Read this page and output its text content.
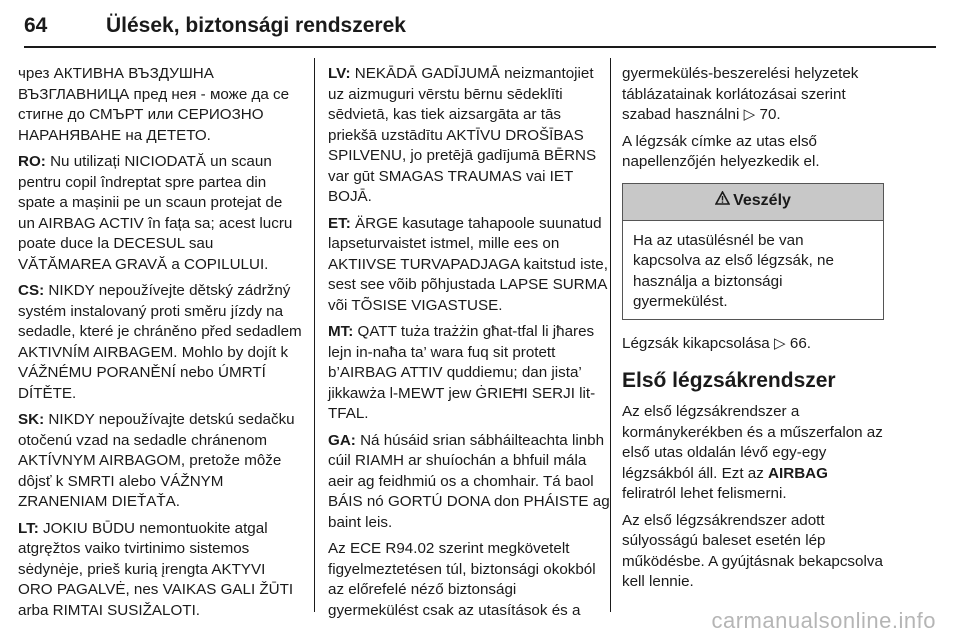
64	Ülések, biztonsági rendszerek

чрез АКТИВНА ВЪЗДУШНА ВЪЗГЛАВНИЦА пред нея - може да се стигне до СМЪРТ или СЕРИОЗНО НАРАНЯВАНЕ на ДЕТЕТО.

RO: Nu utilizați NICIODATĂ un scaun pentru copil îndreptat spre partea din spate a mașinii pe un scaun protejat de un AIRBAG ACTIV în fața sa; acest lucru poate duce la DECESUL sau VĂTĂMAREA GRAVĂ a COPILULUI.

CS: NIKDY nepoužívejte dětský zádržný systém instalovaný proti směru jízdy na sedadle, které je chráněno před sedadlem AKTIVNÍM AIRBAGEM. Mohlo by dojít k VÁŽNÉMU PORANĚNÍ nebo ÚMRTÍ DÍTĚTE.

SK: NIKDY nepoužívajte detskú sedačku otočenú vzad na sedadle chránenom AKTÍVNYM AIRBAGOM, pretože môže dôjsť k SMRTI alebo VÁŽNYM ZRANENIAM DIEŤAŤA.

LT: JOKIU BŪDU nemontuokite atgal atgręžtos vaiko tvirtinimo sistemos sėdynėje, prieš kurią įrengta AKTYVI ORO PAGALVĖ, nes VAIKAS GALI ŽŪTI arba RIMTAI SUSIŽALOTI.

LV: NEKĀDĀ GADĪJUMĀ neizmantojiet uz aizmuguri vērstu bērnu sēdeklīti sēdvietā, kas tiek aizsargāta ar tās priekšā uzstādītu AKTĪVU DROŠĪBAS SPILVENU, jo pretējā gadījumā BĒRNS var gūt SMAGAS TRAUMAS vai IET BOJĀ.

ET: ÄRGE kasutage tahapoole suunatud lapseturvaistet istmel, mille ees on AKTIIVSE TURVAPADJAGA kaitstud iste, sest see võib põhjustada LAPSE SURMA või TÕSISE VIGASTUSE.

MT: QATT tuża trażżin għat-tfal li jħares lejn in-naħa ta’ wara fuq sit protett b’AIRBAG ATTIV quddiemu; dan jista’ jikkawża l-MEWT jew ĠRIEĦI SERJI lit-TFAL.

GA: Ná húsáid srian sábháilteachta linbh cúil RIAMH ar shuíochán a bhfuil mála aeir ag feidhmiú os a chomhair. Tá baol BÁIS nó GORTÚ DONA don PHÁISTE ag baint leis.

Az ECE R94.02 szerint megkövetelt figyelmeztetésen túl, biztonsági okokból az előrefelé néző biztonsági gyermekülést csak az utasítások és a

gyermekülés-beszerelési helyzetek táblázatainak korlátozásai szerint szabad használni ▷ 70.

A légzsák címke az utas első napellenzőjén helyezkedik el.

Veszély
Ha az utasülésnél be van kapcsolva az első légzsák, ne használja a biztonsági gyermekülést.

Légzsák kikapcsolása ▷ 66.

Első légzsákrendszer

Az első légzsákrendszer a kormánykerékben és a műszerfalon az első utas oldalán lévő egy-egy légzsákból áll. Ezt az AIRBAG feliratról lehet felismerni.

Az első légzsákrendszer adott súlyosságú baleset esetén lép működésbe. A gyújtásnak bekapcsolva kell lennie.

carmanualsonline.info
